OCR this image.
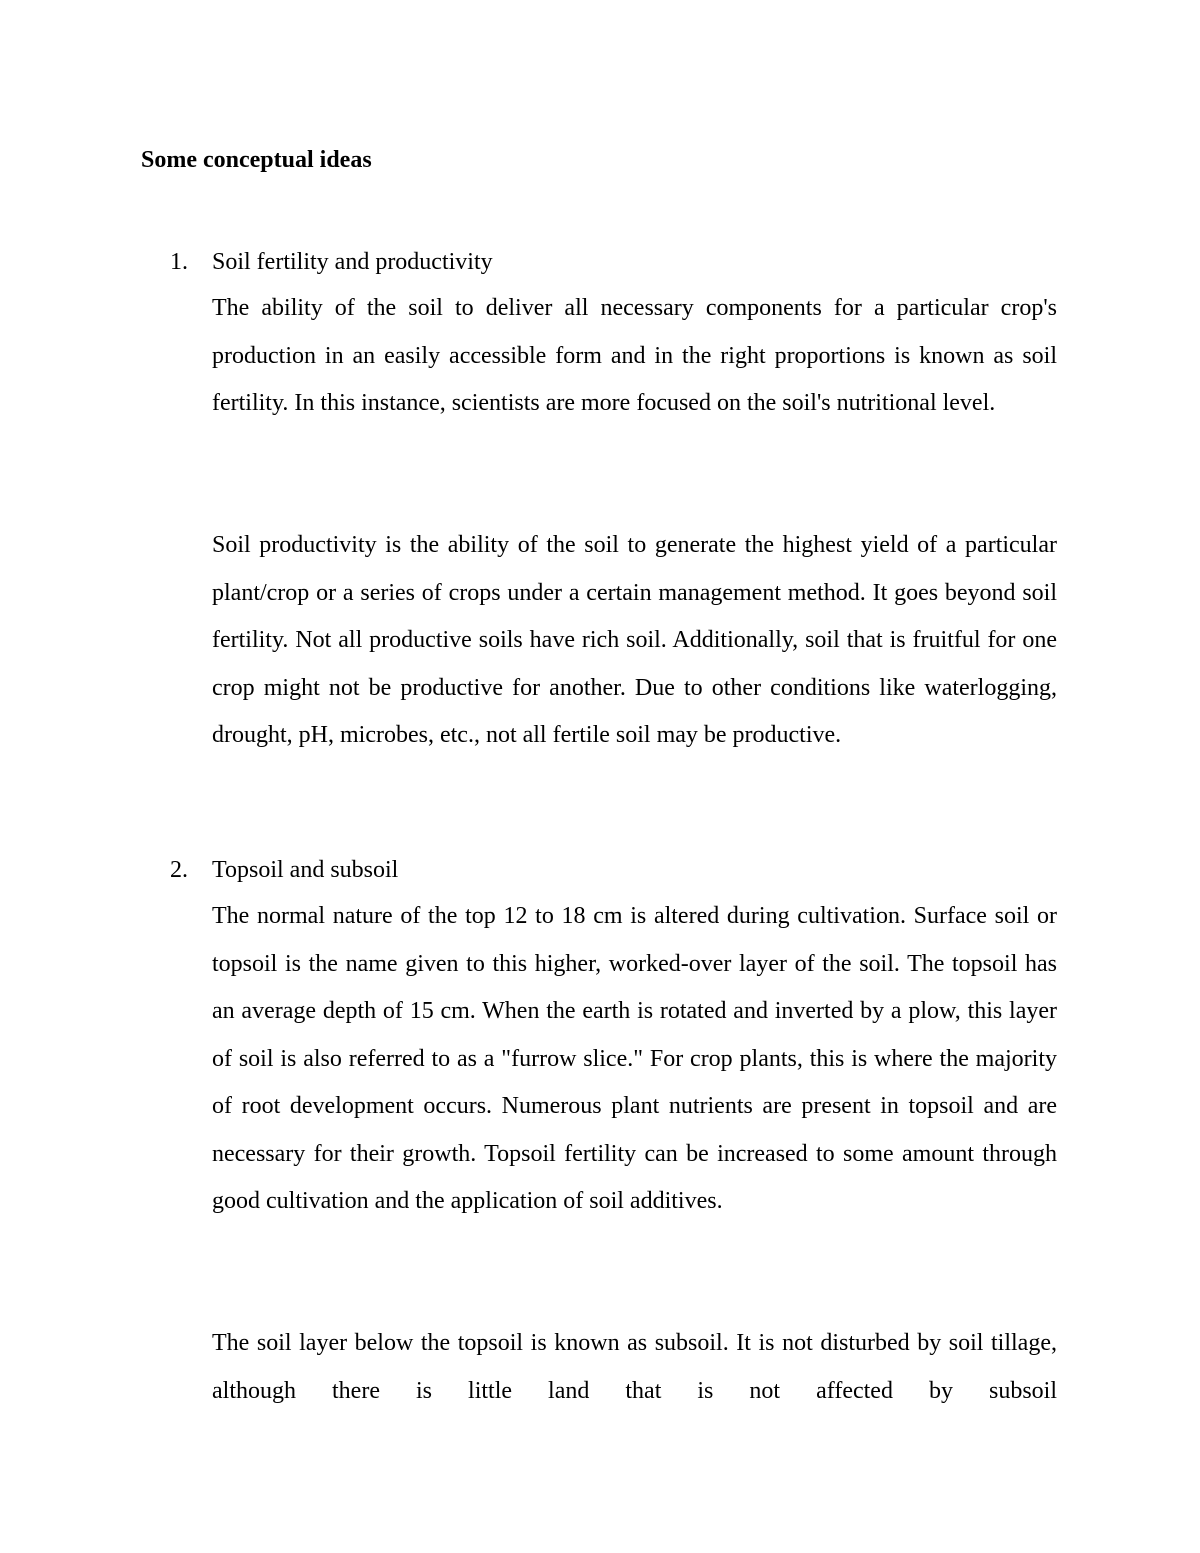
Some conceptual ideas
1. Soil fertility and productivity

The ability of the soil to deliver all necessary components for a particular crop's production in an easily accessible form and in the right proportions is known as soil fertility. In this instance, scientists are more focused on the soil's nutritional level.

Soil productivity is the ability of the soil to generate the highest yield of a particular plant/crop or a series of crops under a certain management method. It goes beyond soil fertility. Not all productive soils have rich soil. Additionally, soil that is fruitful for one crop might not be productive for another. Due to other conditions like waterlogging, drought, pH, microbes, etc., not all fertile soil may be productive.

2. Topsoil and subsoil

The normal nature of the top 12 to 18 cm is altered during cultivation. Surface soil or topsoil is the name given to this higher, worked-over layer of the soil. The topsoil has an average depth of 15 cm. When the earth is rotated and inverted by a plow, this layer of soil is also referred to as a "furrow slice." For crop plants, this is where the majority of root development occurs. Numerous plant nutrients are present in topsoil and are necessary for their growth. Topsoil fertility can be increased to some amount through good cultivation and the application of soil additives.

The soil layer below the topsoil is known as subsoil. It is not disturbed by soil tillage, although there is little land that is not affected by subsoil
